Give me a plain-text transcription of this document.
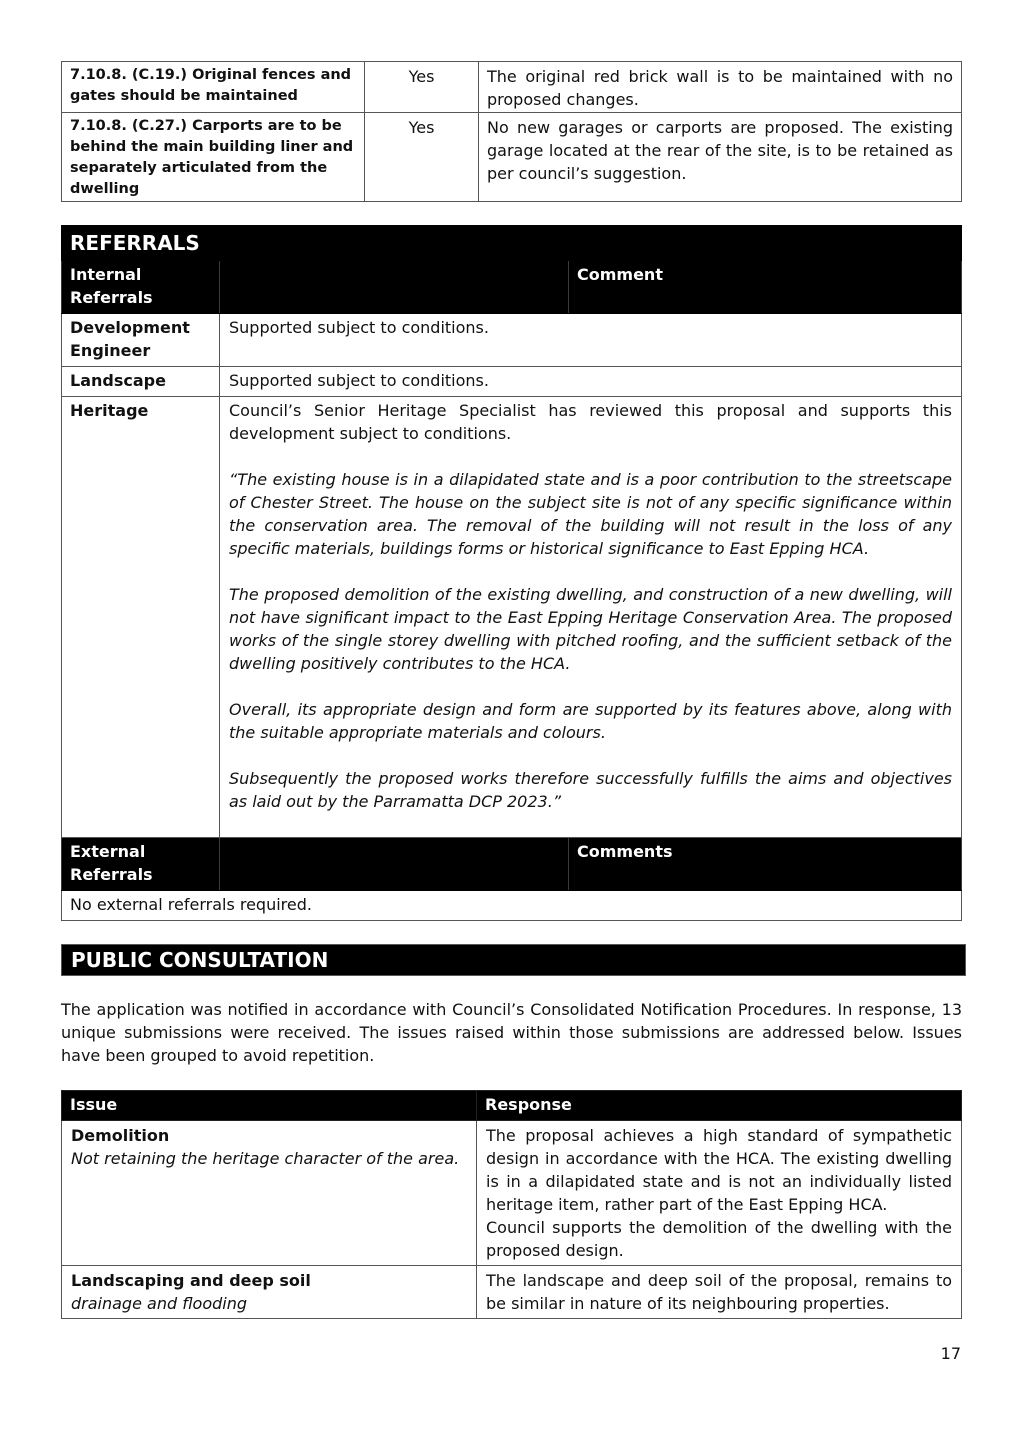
7.10.8. (C.19.) Original fences and gates should be maintained	Yes	The original red brick wall is to be maintained with no proposed changes.
7.10.8. (C.27.) Carports are to be behind the main building liner and separately articulated from the dwelling	Yes	No new garages or carports are proposed. The existing garage located at the rear of the site, is to be retained as per council’s suggestion.
REFERRALS		
Internal Referrals		Comment
Development Engineer	Supported subject to conditions.	
Landscape	Supported subject to conditions.	
Heritage	Council’s Senior Heritage Specialist has reviewed this proposal and supports this development subject to conditions.

“The existing house is in a dilapidated state and is a poor contribution to the streetscape of Chester Street. The house on the subject site is not of any specific significance within the conservation area. The removal of the building will not result in the loss of any specific materials, buildings forms or historical significance to East Epping HCA.

The proposed demolition of the existing dwelling, and construction of a new dwelling, will not have significant impact to the East Epping Heritage Conservation Area. The proposed works of the single storey dwelling with pitched roofing, and the sufficient setback of the dwelling positively contributes to the HCA.

Overall, its appropriate design and form are supported by its features above, along with the suitable appropriate materials and colours.

Subsequently the proposed works therefore successfully fulfills the aims and objectives as laid out by the Parramatta DCP 2023.”	

External Referrals		Comments
No external referrals required.		
PUBLIC CONSULTATION

The application was notified in accordance with Council’s Consolidated Notification Procedures. In response, 13 unique submissions were received. The issues raised within those submissions are addressed below. Issues have been grouped to avoid repetition.

Issue	Response

Demolition
Not retaining the heritage character of the area.	The proposal achieves a high standard of sympathetic design in accordance with the HCA. The existing dwelling is in a dilapidated state and is not an individually listed heritage item, rather part of the East Epping HCA.
Council supports the demolition of the dwelling with the proposed design.

Landscaping and deep soil
drainage and flooding	The landscape and deep soil of the proposal, remains to be similar in nature of its neighbouring properties.
17
